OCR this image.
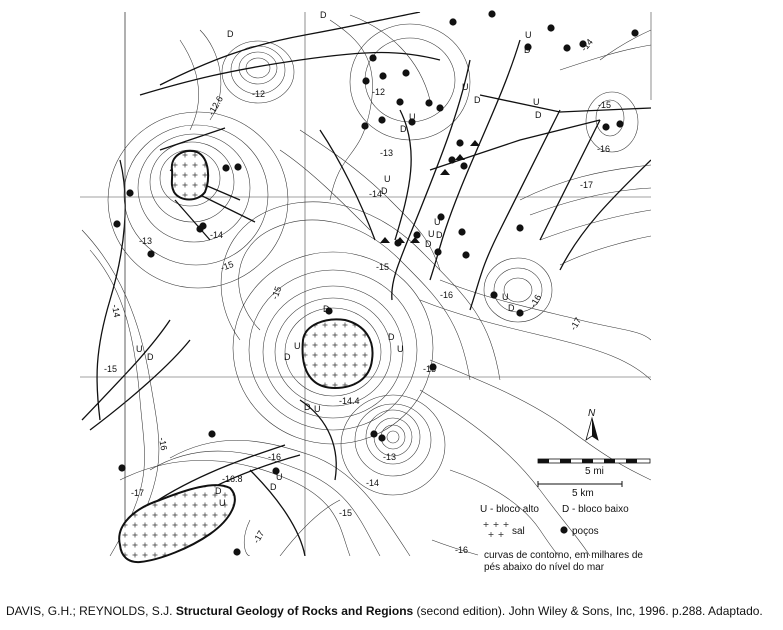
-12	-12
-12.6
-13
-13
-13
-14
-14
-14
-14
-14
-14.4
-15
-15
-15
-15
-15
-15
-15
-16
-16	-16
-16
-16
-16.8
-17
-17
-17
-17
D
D
U
D
U
D
U
D
U
D
U
D
U
D
D
U
U
D
U
D
D
U
D U
D
U
D
D
U
D
U
N
5 mi
5 km
U - bloco alto D - bloco baixo
sal	poços
-16 curvas de contorno, em milhares de
pés abaixo do nível do mar
DAVIS, G.H.; REYNOLDS, S.J. Structural Geology of Rocks and Regions (second edition). John Wiley & Sons, Inc, 1996. p.288. Adaptado.
